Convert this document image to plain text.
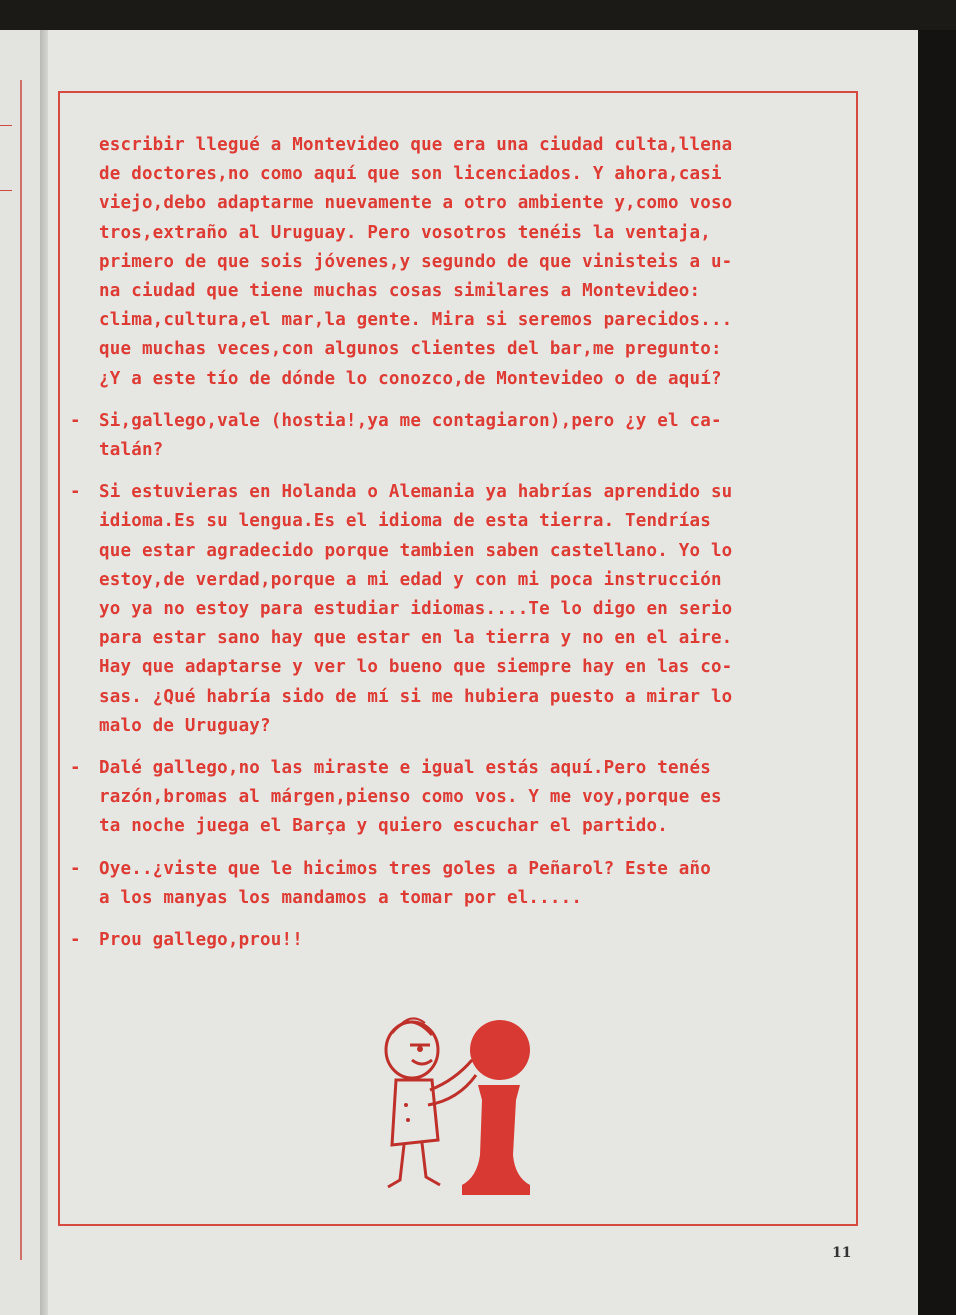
escribir llegué a Montevideo que era una ciudad culta,llena
de doctores,no como aquí que son licenciados. Y ahora,casi
viejo,debo adaptarme nuevamente a otro ambiente y,como voso
tros,extraño al Uruguay. Pero vosotros tenéis la ventaja,
primero de que sois jóvenes,y segundo de que vinisteis a u-
na ciudad que tiene muchas cosas similares a Montevideo:
clima,cultura,el mar,la gente. Mira si seremos parecidos...
que muchas veces,con algunos clientes del bar,me pregunto:
¿Y a este tío de dónde lo conozco,de Montevideo o de aquí?
-	Si,gallego,vale (hostia!,ya me contagiaron),pero ¿y el ca-
talán?
-	Si estuvieras en Holanda o Alemania ya habrías aprendido su
idioma.Es su lengua.Es el idioma de esta tierra. Tendrías
que estar agradecido porque tambien saben castellano. Yo lo
estoy,de verdad,porque a mi edad y con mi poca instrucción
yo ya no estoy para estudiar idiomas....Te lo digo en serio
para estar sano hay que estar en la tierra y no en el aire.
Hay que adaptarse y ver lo bueno que siempre hay en las co-
sas. ¿Qué habría sido de mí si me hubiera puesto a mirar lo
malo de Uruguay?
-	Dalé gallego,no las miraste e igual estás aquí.Pero tenés
razón,bromas al márgen,pienso como vos. Y me voy,porque es
ta noche juega el Barça y quiero escuchar el partido.
-	Oye..¿viste que le hicimos tres goles a Peñarol? Este año
a los manyas los mandamos a tomar por el.....
-	Prou gallego,prou!!
11
